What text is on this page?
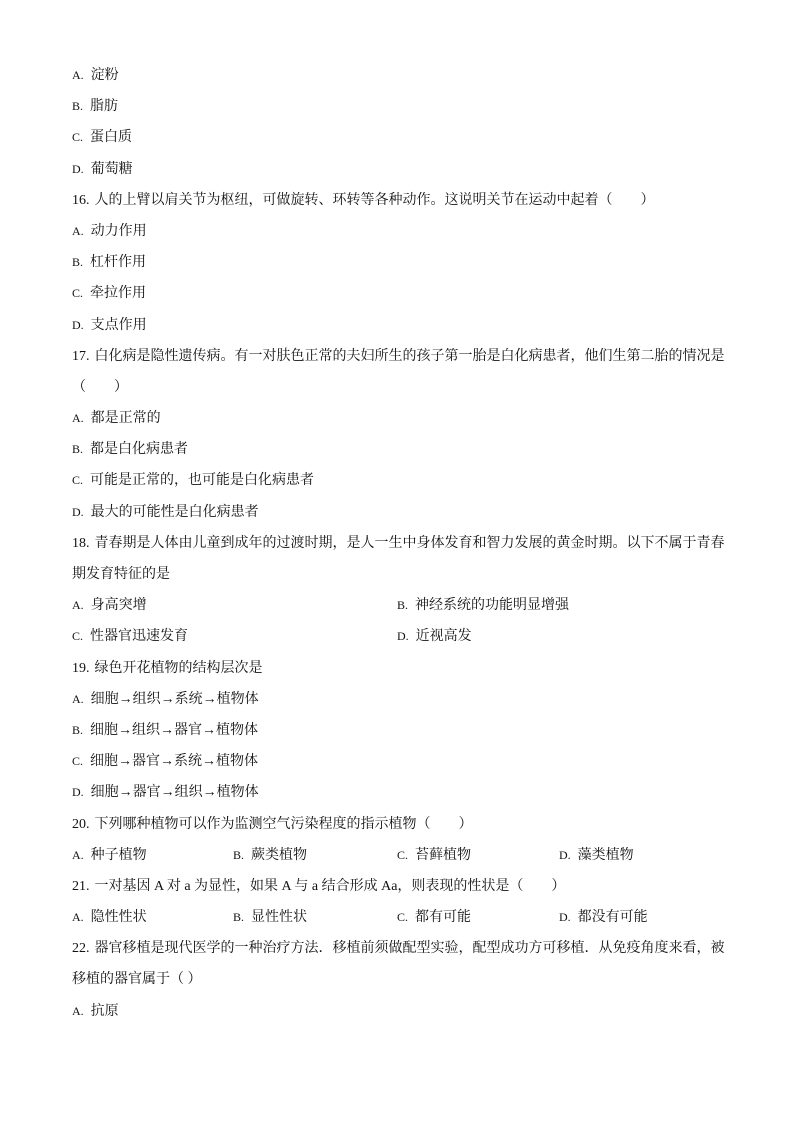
A. 淀粉
B. 脂肪
C. 蛋白质
D. 葡萄糖
16. 人的上臂以肩关节为枢纽，可做旋转、环转等各种动作。这说明关节在运动中起着（　　）
A. 动力作用
B. 杠杆作用
C. 牵拉作用
D. 支点作用
17. 白化病是隐性遗传病。有一对肤色正常的夫妇所生的孩子第一胎是白化病患者，他们生第二胎的情况是
（　　）
A. 都是正常的
B. 都是白化病患者
C. 可能是正常的，也可能是白化病患者
D. 最大的可能性是白化病患者
18. 青春期是人体由儿童到成年的过渡时期，是人一生中身体发育和智力发展的黄金时期。以下不属于青春
期发育特征的是
A. 身高突增	B. 神经系统的功能明显增强
C. 性器官迅速发育	D. 近视高发
19. 绿色开花植物的结构层次是
A. 细胞→组织→系统→植物体
B. 细胞→组织→器官→植物体
C. 细胞→器官→系统→植物体
D. 细胞→器官→组织→植物体
20. 下列哪种植物可以作为监测空气污染程度的指示植物（　　）
A. 种子植物	B. 蕨类植物	C. 苔藓植物	D. 藻类植物
21. 一对基因 A 对 a 为显性，如果 A 与 a 结合形成 Aa，则表现的性状是（　　）
A. 隐性性状	B. 显性性状	C. 都有可能	D. 都没有可能
22. 器官移植是现代医学的一种治疗方法．移植前须做配型实验，配型成功方可移植．从免疫角度来看，被
移植的器官属于（ ）
A. 抗原
